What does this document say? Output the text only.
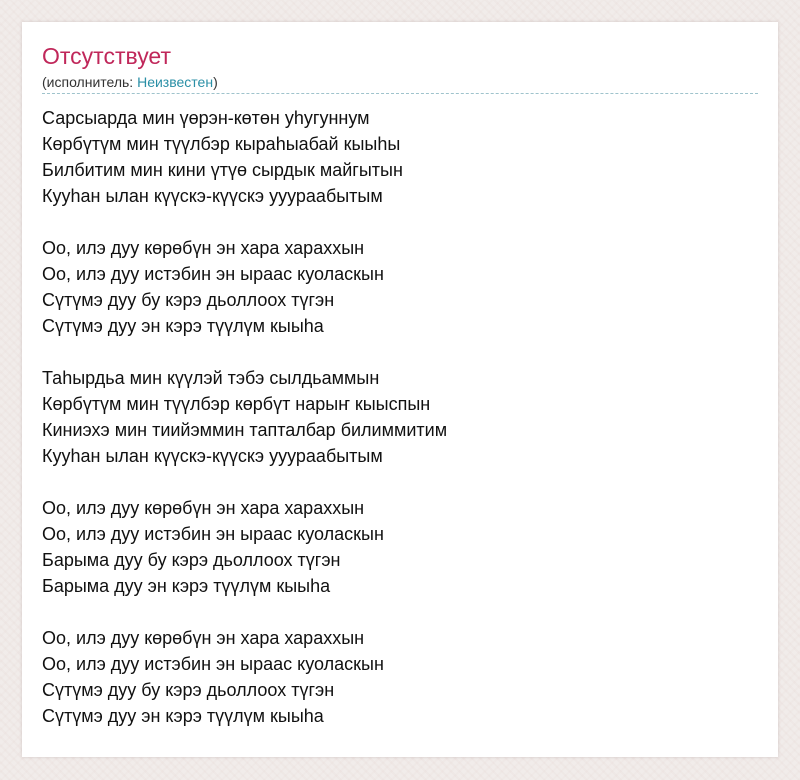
Отсутствует
(исполнитель: Неизвестен)
Сарсыарда мин үөрэн-көтөн уһугуннум
Көрбүтүм мин түүлбэр кыраһыабай кыыһы
Билбитим мин кини үтүө сырдык майгытын
Кууһан ылан күүскэ-күүскэ ууураабытым
Оо, илэ дуу көрөбүн эн хара хараххын
Оо, илэ дуу истэбин эн ыраас куоласкын
Сүтүмэ дуу бу кэрэ дьоллоох түгэн
Сүтүмэ дуу эн кэрэ түүлүм кыыһа
Таһырдьа мин күүлэй тэбэ сылдьаммын
Көрбүтүм мин түүлбэр көрбүт нарыҥ кыыспын
Киниэхэ мин тиийэммин тапталбар билиммитим
Кууһан ылан күүскэ-күүскэ ууураабытым
Оо, илэ дуу көрөбүн эн хара хараххын
Оо, илэ дуу истэбин эн ыраас куоласкын
Барыма дуу бу кэрэ дьоллоох түгэн
Барыма дуу эн кэрэ түүлүм кыыһа
Оо, илэ дуу көрөбүн эн хара хараххын
Оо, илэ дуу истэбин эн ыраас куоласкын
Сүтүмэ дуу бу кэрэ дьоллоох түгэн
Сүтүмэ дуу эн кэрэ түүлүм кыыһа
